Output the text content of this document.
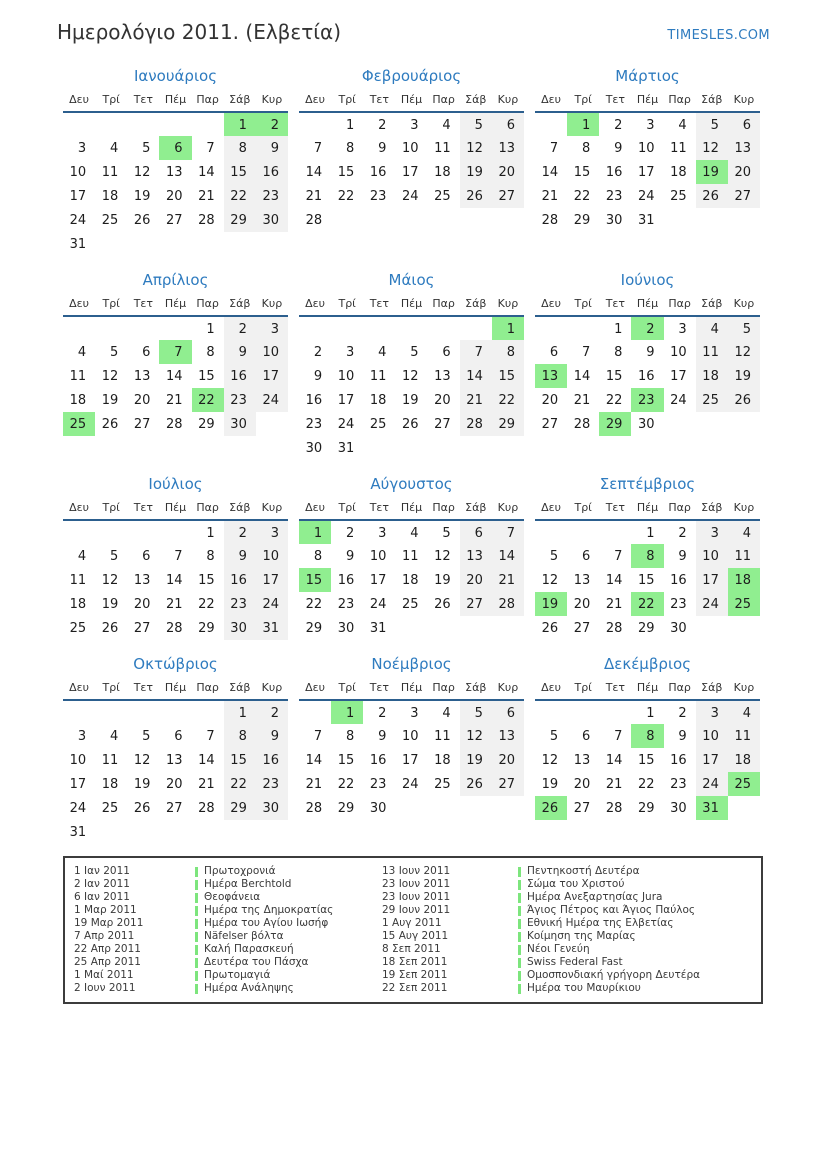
Ημερολόγιο 2011. (Ελβετία)	TIMESLES.COM
Ιανουάριος
Δευ	Τρί	Τετ	Πέμ	Παρ	Σάβ	Κυρ
					1	2
3	4	5	6	7	8	9
10	11	12	13	14	15	16
17	18	19	20	21	22	23
24	25	26	27	28	29	30
31						
Φεβρουάριος
Δευ	Τρί	Τετ	Πέμ	Παρ	Σάβ	Κυρ
	1	2	3	4	5	6
7	8	9	10	11	12	13
14	15	16	17	18	19	20
21	22	23	24	25	26	27
28						
Μάρτιος
Δευ	Τρί	Τετ	Πέμ	Παρ	Σάβ	Κυρ
	1	2	3	4	5	6
7	8	9	10	11	12	13
14	15	16	17	18	19	20
21	22	23	24	25	26	27
28	29	30	31			
Απρίλιος
Δευ	Τρί	Τετ	Πέμ	Παρ	Σάβ	Κυρ
				1	2	3
4	5	6	7	8	9	10
11	12	13	14	15	16	17
18	19	20	21	22	23	24
25	26	27	28	29	30	
Μάιος
Δευ	Τρί	Τετ	Πέμ	Παρ	Σάβ	Κυρ
						1
2	3	4	5	6	7	8
9	10	11	12	13	14	15
16	17	18	19	20	21	22
23	24	25	26	27	28	29
30	31					
Ιούνιος
Δευ	Τρί	Τετ	Πέμ	Παρ	Σάβ	Κυρ
		1	2	3	4	5
6	7	8	9	10	11	12
13	14	15	16	17	18	19
20	21	22	23	24	25	26
27	28	29	30			
Ιούλιος
Δευ	Τρί	Τετ	Πέμ	Παρ	Σάβ	Κυρ
				1	2	3
4	5	6	7	8	9	10
11	12	13	14	15	16	17
18	19	20	21	22	23	24
25	26	27	28	29	30	31
Αύγουστος
Δευ	Τρί	Τετ	Πέμ	Παρ	Σάβ	Κυρ
1	2	3	4	5	6	7
8	9	10	11	12	13	14
15	16	17	18	19	20	21
22	23	24	25	26	27	28
29	30	31				
Σεπτέμβριος
Δευ	Τρί	Τετ	Πέμ	Παρ	Σάβ	Κυρ
			1	2	3	4
5	6	7	8	9	10	11
12	13	14	15	16	17	18
19	20	21	22	23	24	25
26	27	28	29	30		
Οκτώβριος
Δευ	Τρί	Τετ	Πέμ	Παρ	Σάβ	Κυρ
					1	2
3	4	5	6	7	8	9
10	11	12	13	14	15	16
17	18	19	20	21	22	23
24	25	26	27	28	29	30
31						
Νοέμβριος
Δευ	Τρί	Τετ	Πέμ	Παρ	Σάβ	Κυρ
	1	2	3	4	5	6
7	8	9	10	11	12	13
14	15	16	17	18	19	20
21	22	23	24	25	26	27
28	29	30				
Δεκέμβριος
Δευ	Τρί	Τετ	Πέμ	Παρ	Σάβ	Κυρ
			1	2	3	4
5	6	7	8	9	10	11
12	13	14	15	16	17	18
19	20	21	22	23	24	25
26	27	28	29	30	31	
1 Ιαν 2011	Πρωτοχρονιά	13 Ιουν 2011	Πεντηκοστή Δευτέρα
2 Ιαν 2011	Ημέρα Berchtold	23 Ιουν 2011	Σώμα του Χριστού
6 Ιαν 2011	Θεοφάνεια	23 Ιουν 2011	Ημέρα Ανεξαρτησίας Jura
1 Μαρ 2011	Ημέρα της Δημοκρατίας	29 Ιουν 2011	Άγιος Πέτρος και Άγιος Παύλος
19 Μαρ 2011	Ημέρα του Αγίου Ιωσήφ	1 Αυγ 2011	Εθνική Ημέρα της Ελβετίας
7 Απρ 2011	Näfelser βόλτα	15 Αυγ 2011	Κοίμηση της Μαρίας
22 Απρ 2011	Καλή Παρασκευή	8 Σεπ 2011	Νέοι Γενεύη
25 Απρ 2011	Δευτέρα του Πάσχα	18 Σεπ 2011	Swiss Federal Fast
1 Μαί 2011	Πρωτομαγιά	19 Σεπ 2011	Ομοσπονδιακή γρήγορη Δευτέρα
2 Ιουν 2011	Ημέρα Ανάληψης	22 Σεπ 2011	Ημέρα του Μαυρίκιου
